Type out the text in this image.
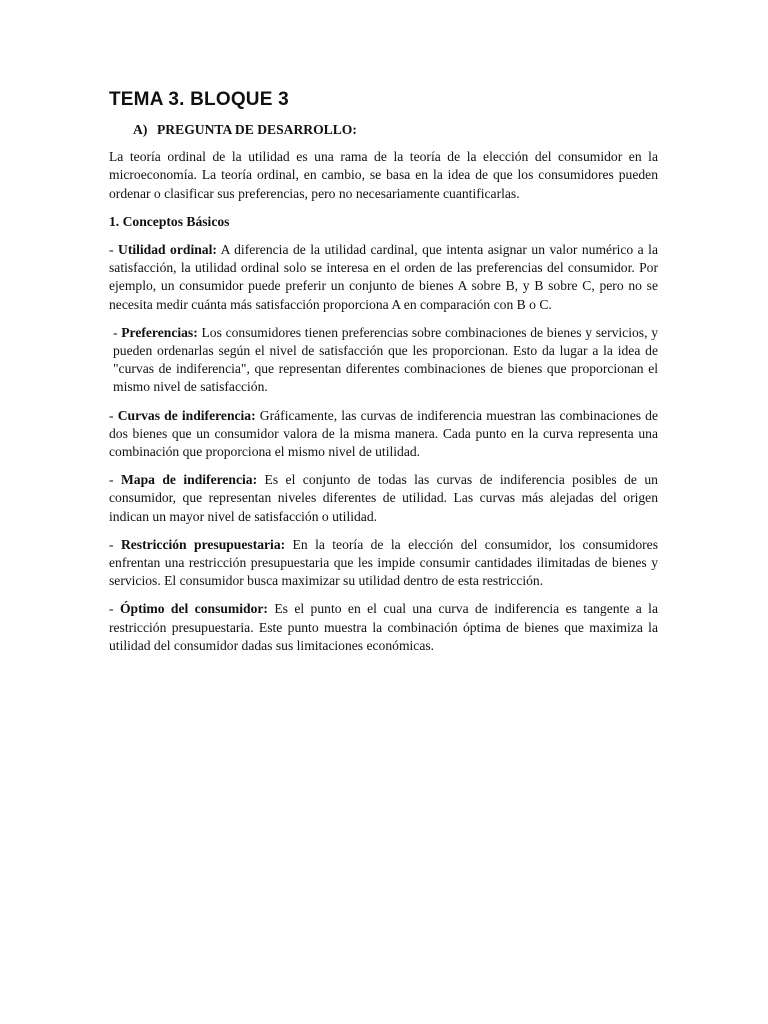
TEMA 3. BLOQUE 3
A) PREGUNTA DE DESARROLLO:

La teoría ordinal de la utilidad es una rama de la teoría de la elección del consumidor en la microeconomía. La teoría ordinal, en cambio, se basa en la idea de que los consumidores pueden ordenar o clasificar sus preferencias, pero no necesariamente cuantificarlas.

1. Conceptos Básicos

- Utilidad ordinal: A diferencia de la utilidad cardinal, que intenta asignar un valor numérico a la satisfacción, la utilidad ordinal solo se interesa en el orden de las preferencias del consumidor. Por ejemplo, un consumidor puede preferir un conjunto de bienes A sobre B, y B sobre C, pero no se necesita medir cuánta más satisfacción proporciona A en comparación con B o C.

- Preferencias: Los consumidores tienen preferencias sobre combinaciones de bienes y servicios, y pueden ordenarlas según el nivel de satisfacción que les proporcionan. Esto da lugar a la idea de "curvas de indiferencia", que representan diferentes combinaciones de bienes que proporcionan el mismo nivel de satisfacción.

- Curvas de indiferencia: Gráficamente, las curvas de indiferencia muestran las combinaciones de dos bienes que un consumidor valora de la misma manera. Cada punto en la curva representa una combinación que proporciona el mismo nivel de utilidad.

- Mapa de indiferencia: Es el conjunto de todas las curvas de indiferencia posibles de un consumidor, que representan niveles diferentes de utilidad. Las curvas más alejadas del origen indican un mayor nivel de satisfacción o utilidad.

- Restricción presupuestaria: En la teoría de la elección del consumidor, los consumidores enfrentan una restricción presupuestaria que les impide consumir cantidades ilimitadas de bienes y servicios. El consumidor busca maximizar su utilidad dentro de esta restricción.

- Óptimo del consumidor: Es el punto en el cual una curva de indiferencia es tangente a la restricción presupuestaria. Este punto muestra la combinación óptima de bienes que maximiza la utilidad del consumidor dadas sus limitaciones económicas.
